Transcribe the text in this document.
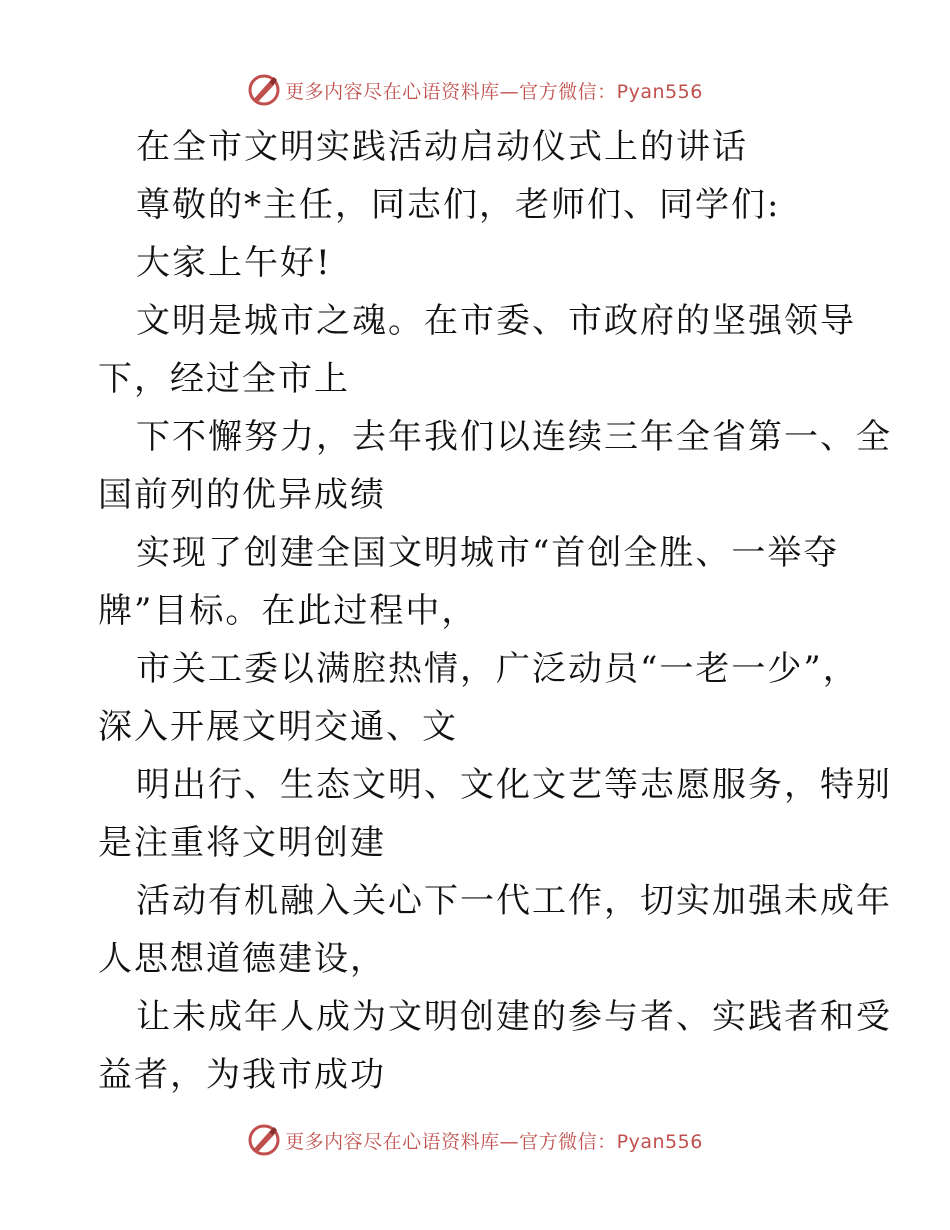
更多内容尽在心语资料库—官方微信：Pyan556

在全市文明实践活动启动仪式上的讲话

尊敬的*主任，同志们，老师们、同学们:

大家上午好!

文明是城市之魂。在市委、市政府的坚强领导

下，经过全市上

下不懈努力，去年我们以连续三年全省第一、全

国前列的优异成绩

实现了创建全国文明城市“首创全胜、一举夺

牌”目标。在此过程中，

市关工委以满腔热情，广泛动员“一老一少”，

深入开展文明交通、文

明出行、生态文明、文化文艺等志愿服务，特别

是注重将文明创建

活动有机融入关心下一代工作，切实加强未成年

人思想道德建设，

让未成年人成为文明创建的参与者、实践者和受

益者，为我市成功

更多内容尽在心语资料库—官方微信：Pyan556
